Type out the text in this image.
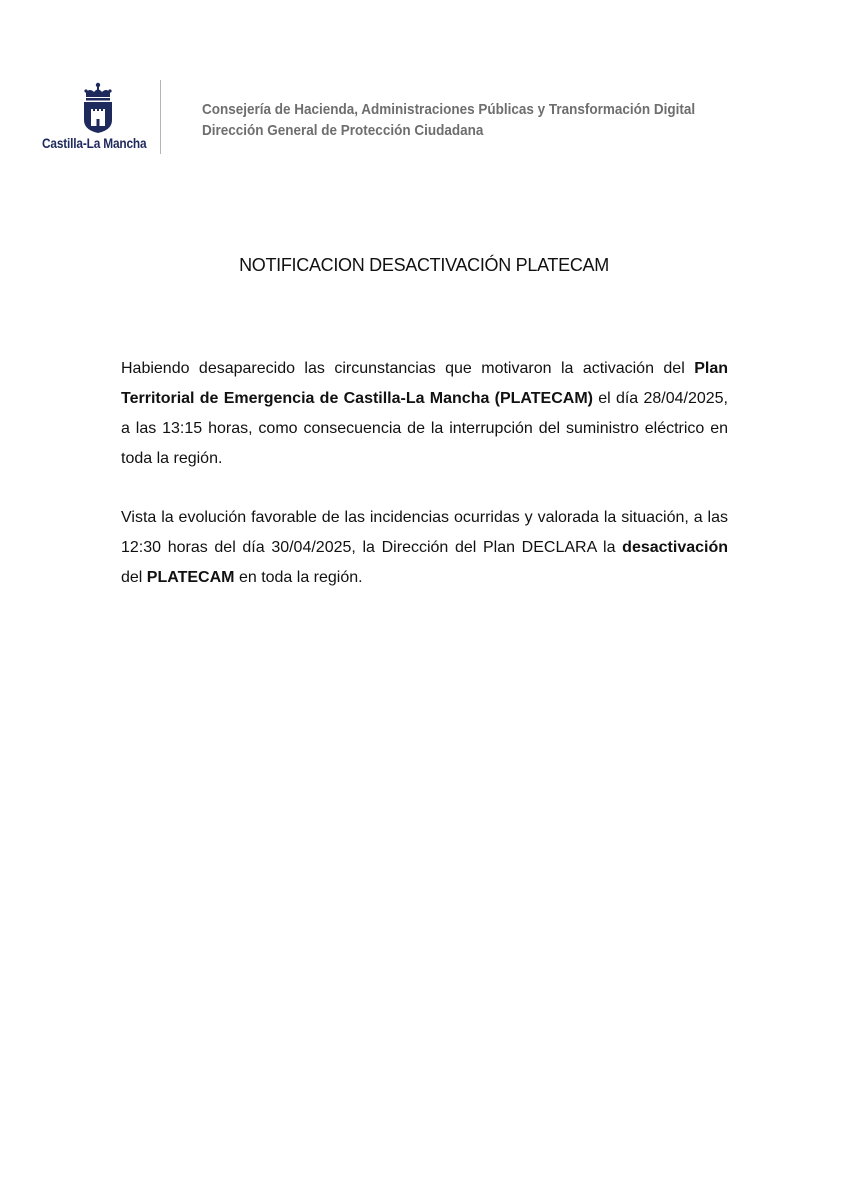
Castilla-La Mancha
Consejería de Hacienda, Administraciones Públicas y Transformación Digital
Dirección General de Protección Ciudadana
NOTIFICACION DESACTIVACIÓN PLATECAM

Habiendo desaparecido las circunstancias que motivaron la activación del Plan Territorial de Emergencia de Castilla-La Mancha (PLATECAM) el día 28/04/2025, a las 13:15 horas, como consecuencia de la interrupción del suministro eléctrico en toda la región.

Vista la evolución favorable de las incidencias ocurridas y valorada la situación, a las 12:30 horas del día 30/04/2025, la Dirección del Plan DECLARA la desactivación del PLATECAM en toda la región.
